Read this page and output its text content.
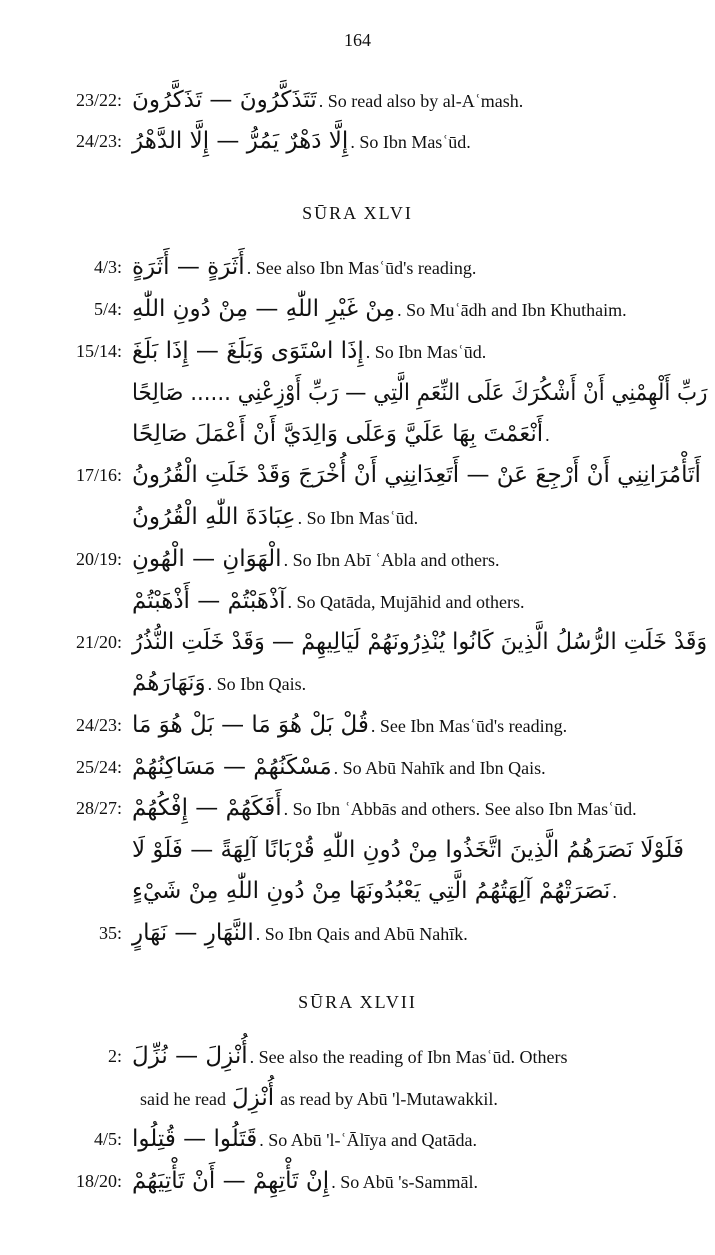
164
SŪRA XLVI
SŪRA XLVII
23/22: تَتَذَكَّرُونَ — تَذَكَّرُونَ . So read also by al-Aʿmash.
24/23: إِلَّا دَهْرٌ يَمُرُّ — إِلَّا الدَّهْرُ . So Ibn Masʿūd.
4/3: أَثَرَةٍ — أَثَرَةٍ . See also Ibn Masʿūd's reading.
5/4: مِنْ غَيْرِ اللّٰهِ — مِنْ دُونِ اللّٰهِ . So Muʿādh and Ibn Khuthaim.
15/14: إِذَا اسْتَوَى وَبَلَغَ — إِذَا بَلَغَ . So Ibn Masʿūd.
رَبِّ أَلْهِمْنِي أَنْ أَشْكُرَكَ عَلَى النِّعَمِ الَّتِي — رَبِّ أَوْزِعْنِي ...... صَالِحًا
أَنْعَمْتَ بِهَا عَلَيَّ وَعَلَى وَالِدَيَّ أَنْ أَعْمَلَ صَالِحًا .
17/16: أَتَأْمُرَانِنِي أَنْ أَرْجِعَ عَنْ — أَتَعِدَانِنِي أَنْ أُخْرَجَ وَقَدْ خَلَتِ الْقُرُونُ
عِبَادَةَ اللّٰهِ الْقُرُونُ . So Ibn Masʿūd.
20/19: الْهَوَانِ — الْهُونِ . So Ibn Abī ʿAbla and others.
آذْهَبْتُمْ — أَذْهَبْتُمْ . So Qatāda, Mujāhid and others.
21/20: وَقَدْ خَلَتِ الرُّسُلُ الَّذِينَ كَانُوا يُنْذِرُونَهُمْ لَيَالِيهِمْ — وَقَدْ خَلَتِ النُّذُرُ
وَنَهَارَهُمْ . So Ibn Qais.
24/23: قُلْ بَلْ هُوَ مَا — بَلْ هُوَ مَا . See Ibn Masʿūd's reading.
25/24: مَسْكَنُهُمْ — مَسَاكِنُهُمْ . So Abū Nahīk and Ibn Qais.
28/27: أَفَكَهُمْ — إِفْكُهُمْ . So Ibn ʿAbbās and others. See also Ibn Masʿūd.
فَلَوْلَا نَصَرَهُمُ الَّذِينَ اتَّخَذُوا مِنْ دُونِ اللّٰهِ قُرْبَانًا آلِهَةً — فَلَوْ لَا
نَصَرَتْهُمْ آلِهَتُهُمُ الَّتِي يَعْبُدُونَهَا مِنْ دُونِ اللّٰهِ مِنْ شَيْءٍ .
35: النَّهَارِ — نَهَارٍ . So Ibn Qais and Abū Nahīk.
2: أُنْزِلَ — نُزِّلَ . See also the reading of Ibn Masʿūd. Others
said he read أُنْزِلَ as read by Abū 'l-Mutawakkil.
4/5: قَتَلُوا — قُتِلُوا . So Abū 'l-ʿĀlīya and Qatāda.
18/20: إِنْ تَأْتِهِمْ — أَنْ تَأْتِيَهُمْ . So Abū 's-Sammāl.
